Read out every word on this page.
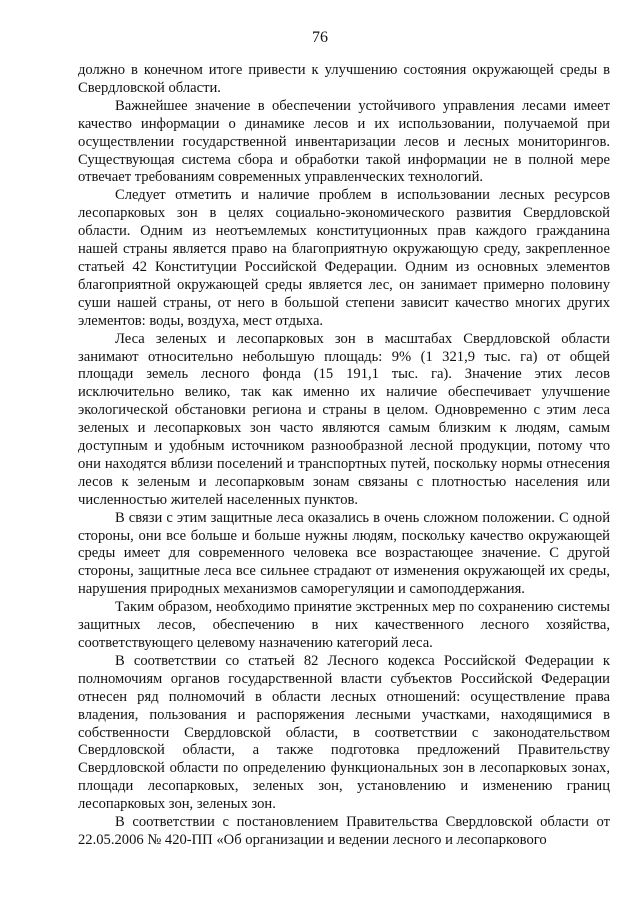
76

должно в конечном итоге привести к улучшению состояния окружающей среды в Свердловской области.

Важнейшее значение в обеспечении устойчивого управления лесами имеет качество информации о динамике лесов и их использовании, получаемой при осуществлении государственной инвентаризации лесов и лесных мониторингов. Существующая система сбора и обработки такой информации не в полной мере отвечает требованиям современных управленческих технологий.

Следует отметить и наличие проблем в использовании лесных ресурсов лесопарковых зон в целях социально-экономического развития Свердловской области. Одним из неотъемлемых конституционных прав каждого гражданина нашей страны является право на благоприятную окружающую среду, закрепленное статьей 42 Конституции Российской Федерации. Одним из основных элементов благоприятной окружающей среды является лес, он занимает примерно половину суши нашей страны, от него в большой степени зависит качество многих других элементов: воды, воздуха, мест отдыха.

Леса зеленых и лесопарковых зон в масштабах Свердловской области занимают относительно небольшую площадь: 9% (1 321,9 тыс. га) от общей площади земель лесного фонда (15 191,1 тыс. га). Значение этих лесов исключительно велико, так как именно их наличие обеспечивает улучшение экологической обстановки региона и страны в целом. Одновременно с этим леса зеленых и лесопарковых зон часто являются самым близким к людям, самым доступным и удобным источником разнообразной лесной продукции, потому что они находятся вблизи поселений и транспортных путей, поскольку нормы отнесения лесов к зеленым и лесопарковым зонам связаны с плотностью населения или численностью жителей населенных пунктов.

В связи с этим защитные леса оказались в очень сложном положении. С одной стороны, они все больше и больше нужны людям, поскольку качество окружающей среды имеет для современного человека все возрастающее значение. С другой стороны, защитные леса все сильнее страдают от изменения окружающей их среды, нарушения природных механизмов саморегуляции и самоподдержания.

Таким образом, необходимо принятие экстренных мер по сохранению системы защитных лесов, обеспечению в них качественного лесного хозяйства, соответствующего целевому назначению категорий леса.

В соответствии со статьей 82 Лесного кодекса Российской Федерации к полномочиям органов государственной власти субъектов Российской Федерации отнесен ряд полномочий в области лесных отношений: осуществление права владения, пользования и распоряжения лесными участками, находящимися в собственности Свердловской области, в соответствии с законодательством Свердловской области, а также подготовка предложений Правительству Свердловской области по определению функциональных зон в лесопарковых зонах, площади лесопарковых, зеленых зон, установлению и изменению границ лесопарковых зон, зеленых зон.

В соответствии с постановлением Правительства Свердловской области от 22.05.2006 № 420-ПП «Об организации и ведении лесного и лесопаркового
